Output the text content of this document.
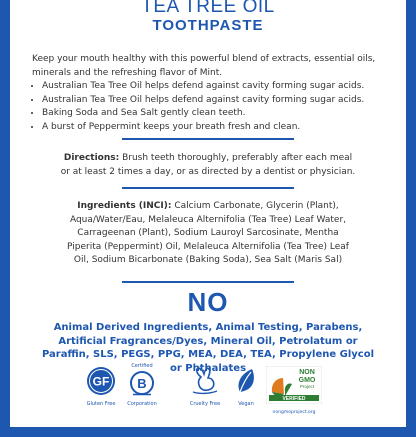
TEA TREE OIL
TOOTHPASTE
Keep your mouth healthy with this powerful blend of extracts, essential oils, minerals and the refreshing flavor of Mint.
• Australian Tea Tree Oil helps defend against cavity forming sugar acids.
• Australian Tea Tree Oil helps defend against cavity forming sugar acids.
• Baking Soda and Sea Salt gently clean teeth.
• A burst of Peppermint keeps your breath fresh and clean.
Directions: Brush teeth thoroughly, preferably after each meal or at least 2 times a day, or as directed by a dentist or physician.
Ingredients (INCI): Calcium Carbonate, Glycerin (Plant), Aqua/Water/Eau, Melaleuca Alternifolia (Tea Tree) Leaf Water, Carrageenan (Plant), Sodium Lauroyl Sarcosinate, Mentha Piperita (Peppermint) Oil, Melaleuca Alternifolia (Tea Tree) Leaf Oil, Sodium Bicarbonate (Baking Soda), Sea Salt (Maris Sal)
NO
Animal Derived Ingredients, Animal Testing, Parabens, Artificial Fragrances/Dyes, Mineral Oil, Petrolatum or Paraffin, SLS, PEGS, PPG, MEA, DEA, TEA, Propylene Glycol or Phthalates
GF
Gluten Free
Certified
B
Corporation	Cruelty Free	Vegan
NON
GMO
Project
VERIFIED
nongmoproject.org
